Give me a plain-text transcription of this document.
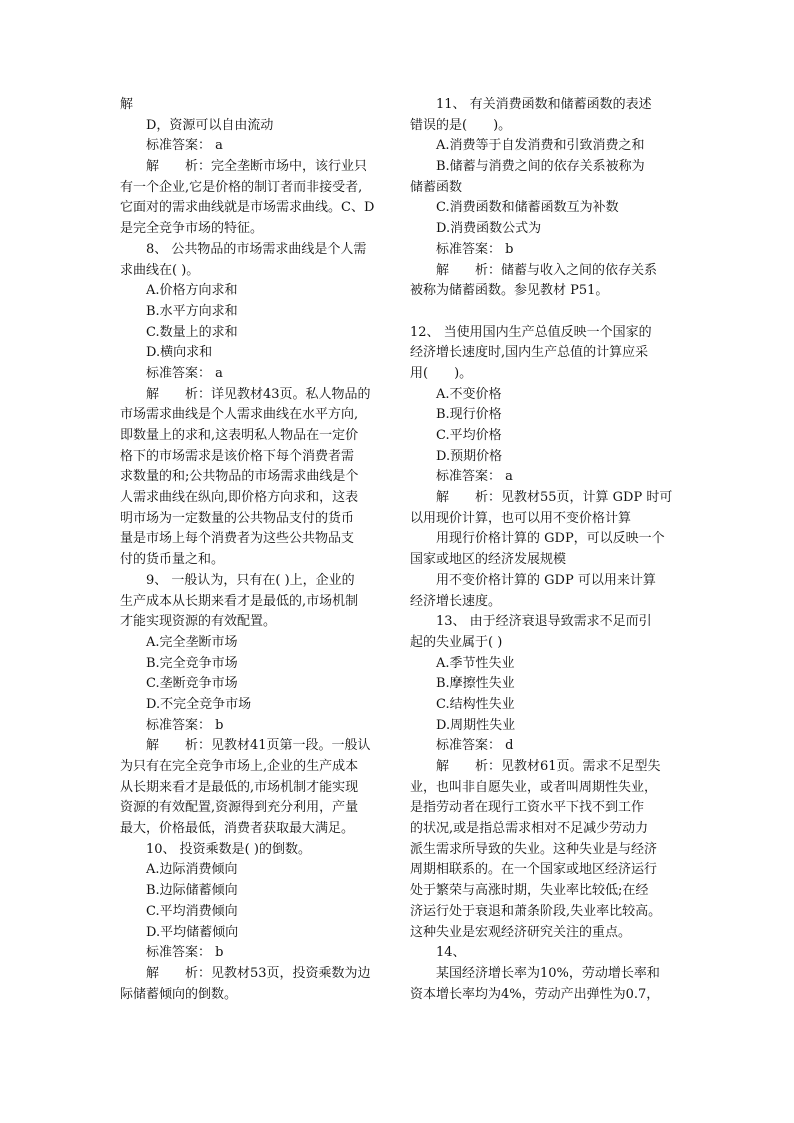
解
D，资源可以自由流动
标准答案： a
解　　析：完全垄断市场中，该行业只
有一个企业,它是价格的制订者而非接受者,
它面对的需求曲线就是市场需求曲线。C、D
是完全竞争市场的特征。
8、 公共物品的市场需求曲线是个人需
求曲线在( )。
A.价格方向求和
B.水平方向求和
C.数量上的求和
D.横向求和
标准答案： a
解　　析：详见教材43页。私人物品的
市场需求曲线是个人需求曲线在水平方向,
即数量上的求和,这表明私人物品在一定价
格下的市场需求是该价格下每个消费者需
求数量的和;公共物品的市场需求曲线是个
人需求曲线在纵向,即价格方向求和，这表
明市场为一定数量的公共物品支付的货币
量是市场上每个消费者为这些公共物品支
付的货币量之和。
9、 一般认为，只有在( )上，企业的
生产成本从长期来看才是最低的,市场机制
才能实现资源的有效配置。
A.完全垄断市场
B.完全竞争市场
C.垄断竞争市场
D.不完全竞争市场
标准答案： b
解　　析：见教材41页第一段。一般认
为只有在完全竞争市场上,企业的生产成本
从长期来看才是最低的,市场机制才能实现
资源的有效配置,资源得到充分利用，产量
最大，价格最低，消费者获取最大满足。
10、 投资乘数是( )的倒数。
A.边际消费倾向
B.边际储蓄倾向
C.平均消费倾向
D.平均储蓄倾向
标准答案： b
解　　析：见教材53页，投资乘数为边
际储蓄倾向的倒数。
11、 有关消费函数和储蓄函数的表述
错误的是(　　)。
A.消费等于自发消费和引致消费之和
B.储蓄与消费之间的依存关系被称为
储蓄函数
C.消费函数和储蓄函数互为补数
D.消费函数公式为
标准答案： b
解　　析：储蓄与收入之间的依存关系
被称为储蓄函数。参见教材 P51。
12、 当使用国内生产总值反映一个国家的
经济增长速度时,国内生产总值的计算应采
用(　　)。
A.不变价格
B.现行价格
C.平均价格
D.预期价格
标准答案： a
解　　析：见教材55页，计算 GDP 时可
以用现价计算，也可以用不变价格计算
用现行价格计算的 GDP，可以反映一个
国家或地区的经济发展规模
用不变价格计算的 GDP 可以用来计算
经济增长速度。
13、 由于经济衰退导致需求不足而引
起的失业属于( )
A.季节性失业
B.摩擦性失业
C.结构性失业
D.周期性失业
标准答案： d
解　　析：见教材61页。需求不足型失
业，也叫非自愿失业，或者叫周期性失业，
是指劳动者在现行工资水平下找不到工作
的状况,或是指总需求相对不足减少劳动力
派生需求所导致的失业。这种失业是与经济
周期相联系的。在一个国家或地区经济运行
处于繁荣与高涨时期，失业率比较低;在经
济运行处于衰退和萧条阶段,失业率比较高。
这种失业是宏观经济研究关注的重点。
14、
某国经济增长率为10%，劳动增长率和
资本增长率均为4%，劳动产出弹性为0.7，
